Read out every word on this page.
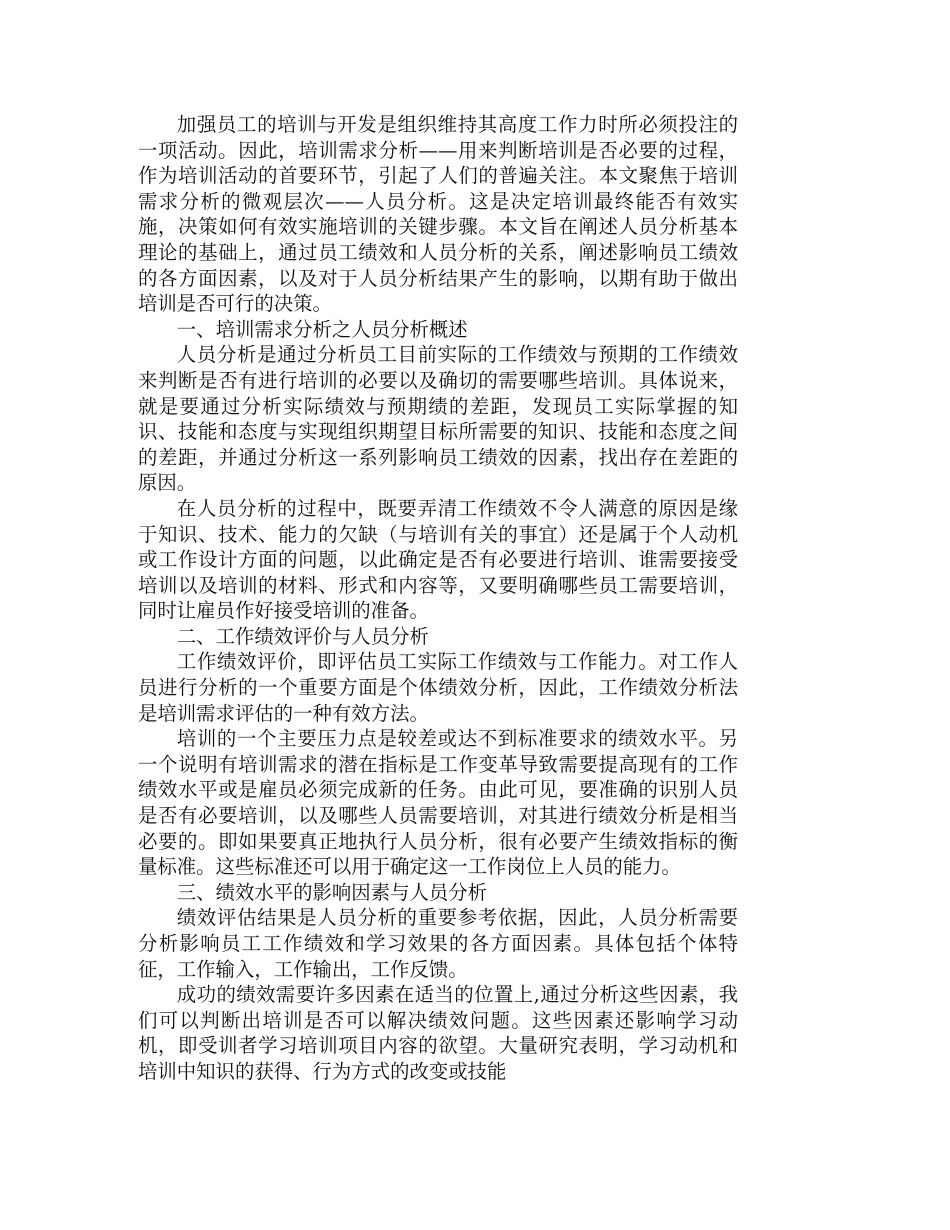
加强员工的培训与开发是组织维持其高度工作力时所必须投注的一项活动。因此，培训需求分析——用来判断培训是否必要的过程，作为培训活动的首要环节，引起了人们的普遍关注。本文聚焦于培训需求分析的微观层次——人员分析。这是决定培训最终能否有效实施，决策如何有效实施培训的关键步骤。本文旨在阐述人员分析基本理论的基础上，通过员工绩效和人员分析的关系，阐述影响员工绩效的各方面因素，以及对于人员分析结果产生的影响，以期有助于做出培训是否可行的决策。

一、培训需求分析之人员分析概述

人员分析是通过分析员工目前实际的工作绩效与预期的工作绩效来判断是否有进行培训的必要以及确切的需要哪些培训。具体说来，就是要通过分析实际绩效与预期绩的差距，发现员工实际掌握的知识、技能和态度与实现组织期望目标所需要的知识、技能和态度之间的差距，并通过分析这一系列影响员工绩效的因素，找出存在差距的原因。

在人员分析的过程中，既要弄清工作绩效不令人满意的原因是缘于知识、技术、能力的欠缺（与培训有关的事宜）还是属于个人动机或工作设计方面的问题，以此确定是否有必要进行培训、谁需要接受培训以及培训的材料、形式和内容等，又要明确哪些员工需要培训，同时让雇员作好接受培训的准备。

二、工作绩效评价与人员分析

工作绩效评价，即评估员工实际工作绩效与工作能力。对工作人员进行分析的一个重要方面是个体绩效分析，因此，工作绩效分析法是培训需求评估的一种有效方法。

培训的一个主要压力点是较差或达不到标准要求的绩效水平。另一个说明有培训需求的潜在指标是工作变革导致需要提高现有的工作绩效水平或是雇员必须完成新的任务。由此可见，要准确的识别人员是否有必要培训，以及哪些人员需要培训，对其进行绩效分析是相当必要的。即如果要真正地执行人员分析，很有必要产生绩效指标的衡量标准。这些标准还可以用于确定这一工作岗位上人员的能力。

三、绩效水平的影响因素与人员分析

绩效评估结果是人员分析的重要参考依据，因此，人员分析需要分析影响员工工作绩效和学习效果的各方面因素。具体包括个体特征，工作输入，工作输出，工作反馈。

成功的绩效需要许多因素在适当的位置上,通过分析这些因素，我们可以判断出培训是否可以解决绩效问题。这些因素还影响学习动机，即受训者学习培训项目内容的欲望。大量研究表明，学习动机和培训中知识的获得、行为方式的改变或技能
